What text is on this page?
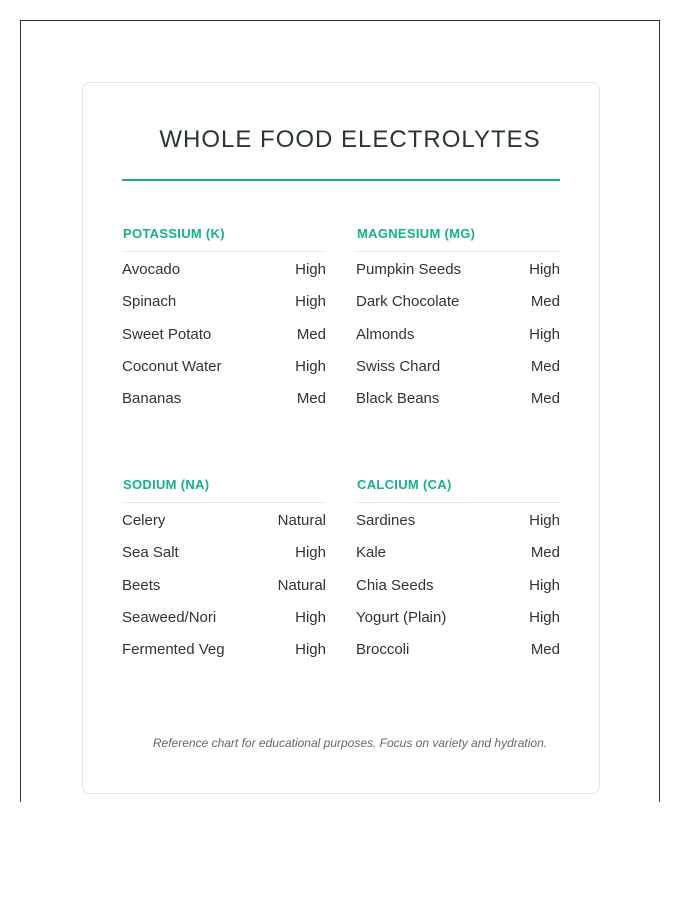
WHOLE FOOD ELECTROLYTES
POTASSIUM (K)
Avocado	High
Spinach	High
Sweet Potato	Med
Coconut Water	High
Bananas	Med
MAGNESIUM (MG)
Pumpkin Seeds	High
Dark Chocolate	Med
Almonds	High
Swiss Chard	Med
Black Beans	Med
SODIUM (NA)
Celery	Natural
Sea Salt	High
Beets	Natural
Seaweed/Nori	High
Fermented Veg	High
CALCIUM (CA)
Sardines	High
Kale	Med
Chia Seeds	High
Yogurt (Plain)	High
Broccoli	Med
Reference chart for educational purposes. Focus on variety and hydration.
